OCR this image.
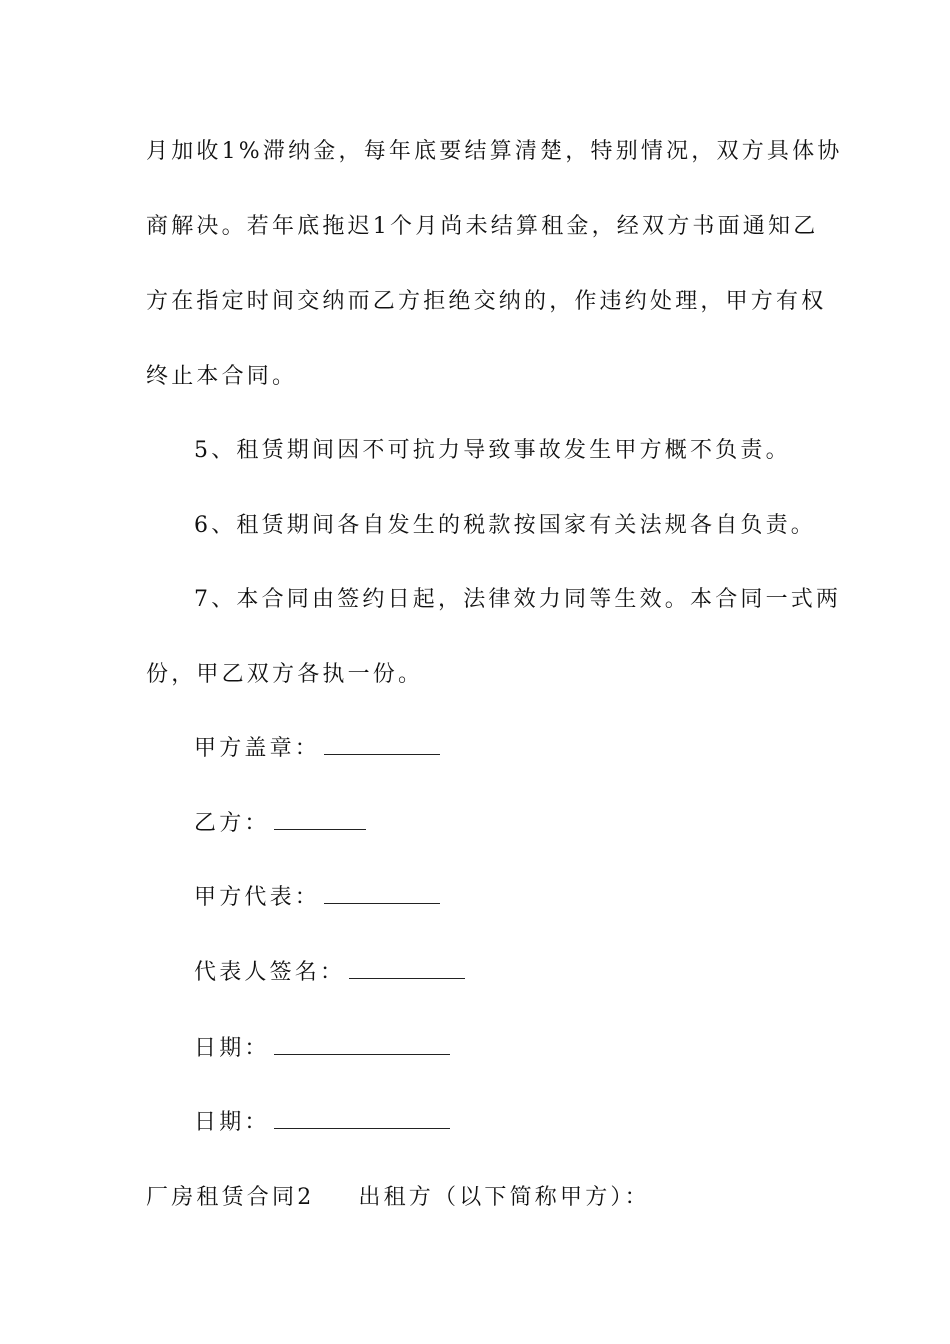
月加收1%滞纳金，每年底要结算清楚，特别情况，双方具体协
商解决。若年底拖迟1个月尚未结算租金，经双方书面通知乙
方在指定时间交纳而乙方拒绝交纳的，作违约处理，甲方有权
终止本合同。
5、租赁期间因不可抗力导致事故发生甲方概不负责。
6、租赁期间各自发生的税款按国家有关法规各自负责。
7、本合同由签约日起，法律效力同等生效。本合同一式两
份，甲乙双方各执一份。
甲方盖章：
乙方：
甲方代表：
代表人签名：
日期：
日期：
厂房租赁合同2 出租方（以下简称甲方）：
